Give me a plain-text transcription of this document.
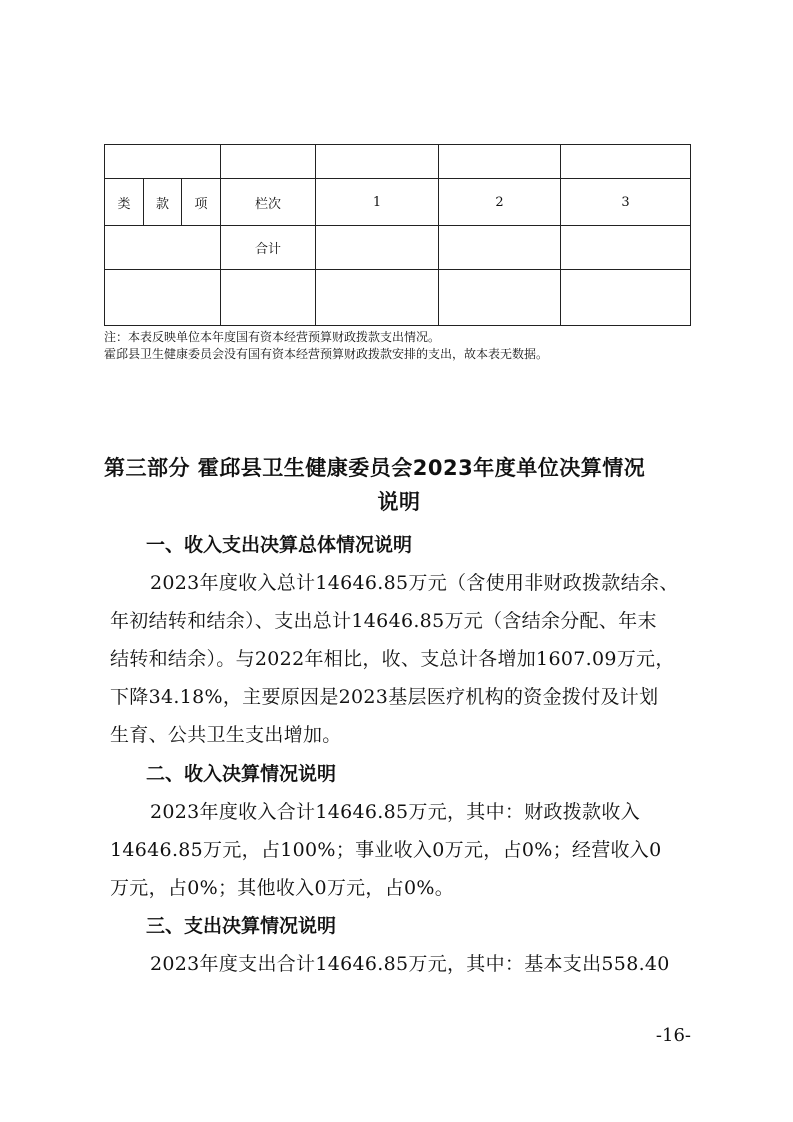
类	款	项	栏次	1	2	3
			合计			

注：本表反映单位本年度国有资本经营预算财政拨款支出情况。
霍邱县卫生健康委员会没有国有资本经营预算财政拨款安排的支出，故本表无数据。
第三部分 霍邱县卫生健康委员会2023年度单位决算情况
说明
一、收入支出决算总体情况说明
2023年度收入总计14646.85万元（含使用非财政拨款结余、
年初结转和结余）、支出总计14646.85万元（含结余分配、年末
结转和结余）。与2022年相比，收、支总计各增加1607.09万元，
下降34.18%，主要原因是2023基层医疗机构的资金拨付及计划
生育、公共卫生支出增加。
二、收入决算情况说明
2023年度收入合计14646.85万元，其中：财政拨款收入
14646.85万元，占100%；事业收入0万元，占0%；经营收入0
万元，占0%；其他收入0万元，占0%。
三、支出决算情况说明
2023年度支出合计14646.85万元，其中：基本支出558.40
-16-
